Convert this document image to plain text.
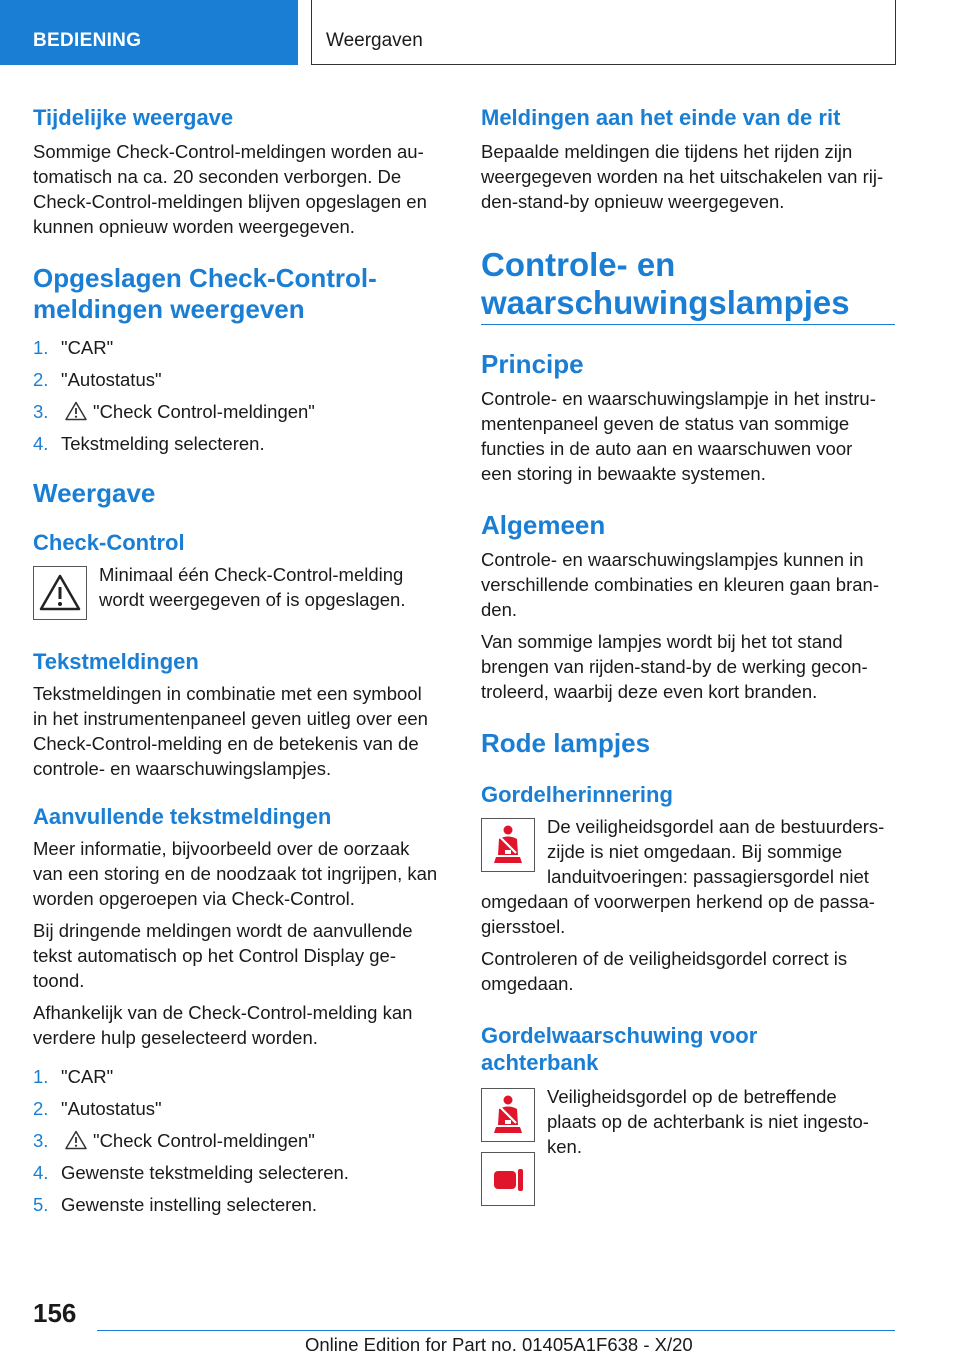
BEDIENING	Weergaven
Tijdelijke weergave

Sommige Check-Control-meldingen worden au-
tomatisch na ca. 20 seconden verborgen. De
Check-Control-meldingen blijven opgeslagen en
kunnen opnieuw worden weergegeven.

Opgeslagen Check-Control-
meldingen weergeven
1. "CAR"
2. "Autostatus"
3. "Check Control-meldingen"
4. Tekstmelding selecteren.
Weergave
Check-Control

Minimaal één Check-Control-melding
wordt weergegeven of is opgeslagen.

Tekstmeldingen

Tekstmeldingen in combinatie met een symbool
in het instrumentenpaneel geven uitleg over een
Check-Control-melding en de betekenis van de
controle- en waarschuwingslampjes.

Aanvullende tekstmeldingen

Meer informatie, bijvoorbeeld over de oorzaak
van een storing en de noodzaak tot ingrijpen, kan
worden opgeroepen via Check-Control.

Bij dringende meldingen wordt de aanvullende
tekst automatisch op het Control Display ge-
toond.

Afhankelijk van de Check-Control-melding kan
verdere hulp geselecteerd worden.

1. "CAR"
2. "Autostatus"
3. "Check Control-meldingen"
4. Gewenste tekstmelding selecteren.
5. Gewenste instelling selecteren.
Meldingen aan het einde van de rit

Bepaalde meldingen die tijdens het rijden zijn
weergegeven worden na het uitschakelen van rij-
den-stand-by opnieuw weergegeven.

Controle- en
waarschuwingslampjes
Principe

Controle- en waarschuwingslampje in het instru-
mentenpaneel geven de status van sommige
functies in de auto aan en waarschuwen voor
een storing in bewaakte systemen.

Algemeen

Controle- en waarschuwingslampjes kunnen in
verschillende combinaties en kleuren gaan bran-
den.

Van sommige lampjes wordt bij het tot stand
brengen van rijden-stand-by de werking gecon-
troleerd, waarbij deze even kort branden.

Rode lampjes
Gordelherinnering

De veiligheidsgordel aan de bestuurders-
zijde is niet omgedaan. Bij sommige
landuitvoeringen: passagiersgordel niet
omgedaan of voorwerpen herkend op de passa-
giersstoel.

Controleren of de veiligheidsgordel correct is
omgedaan.

Gordelwaarschuwing voor
achterbank

Veiligheidsgordel op de betreffende
plaats op de achterbank is niet ingesto-
ken.

156
Online Edition for Part no. 01405A1F638 - X/20
